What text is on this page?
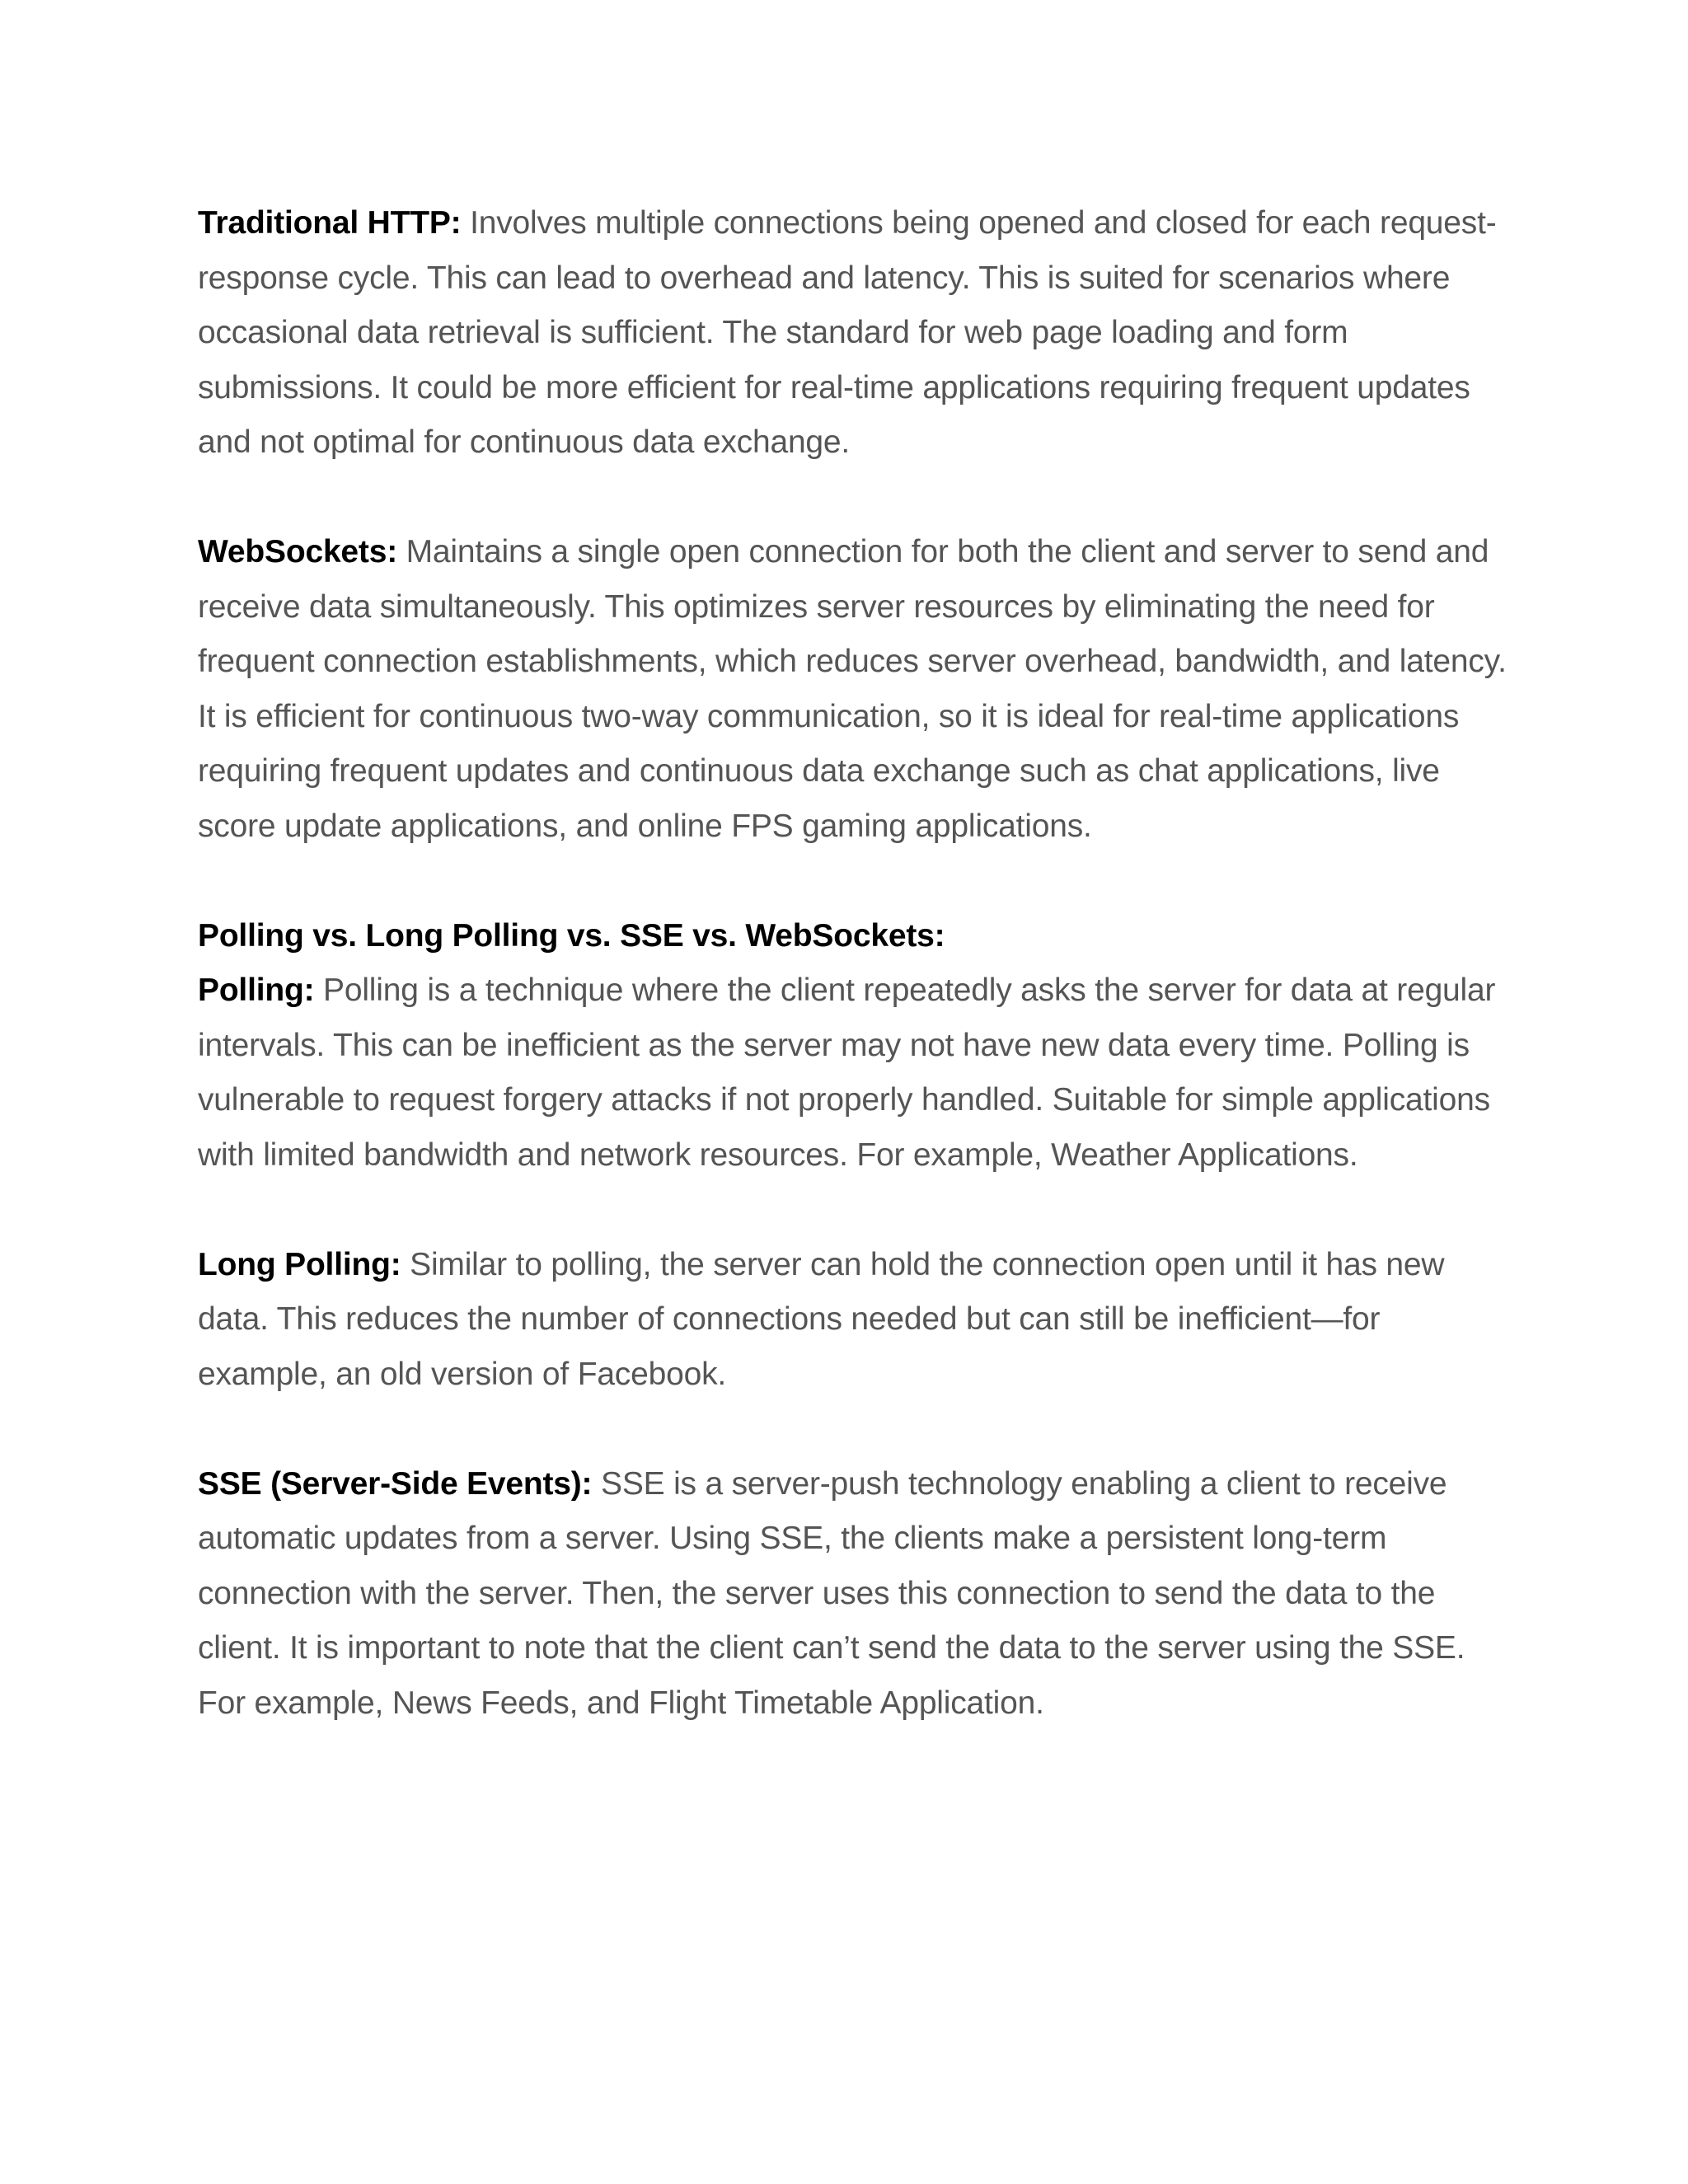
Traditional HTTP: Involves multiple connections being opened and closed for each request-response cycle. This can lead to overhead and latency. This is suited for scenarios where occasional data retrieval is sufficient. The standard for web page loading and form submissions. It could be more efficient for real-time applications requiring frequent updates and not optimal for continuous data exchange.

WebSockets: Maintains a single open connection for both the client and server to send and receive data simultaneously. This optimizes server resources by eliminating the need for frequent connection establishments, which reduces server overhead, bandwidth, and latency. It is efficient for continuous two-way communication, so it is ideal for real-time applications requiring frequent updates and continuous data exchange such as chat applications, live score update applications, and online FPS gaming applications.

Polling vs. Long Polling vs. SSE vs. WebSockets:

Polling: Polling is a technique where the client repeatedly asks the server for data at regular intervals. This can be inefficient as the server may not have new data every time. Polling is vulnerable to request forgery attacks if not properly handled. Suitable for simple applications with limited bandwidth and network resources. For example, Weather Applications.

Long Polling: Similar to polling, the server can hold the connection open until it has new data. This reduces the number of connections needed but can still be inefficient—for example, an old version of Facebook.

SSE (Server-Side Events): SSE is a server-push technology enabling a client to receive automatic updates from a server. Using SSE, the clients make a persistent long-term connection with the server. Then, the server uses this connection to send the data to the client. It is important to note that the client can’t send the data to the server using the SSE. For example, News Feeds, and Flight Timetable Application.
